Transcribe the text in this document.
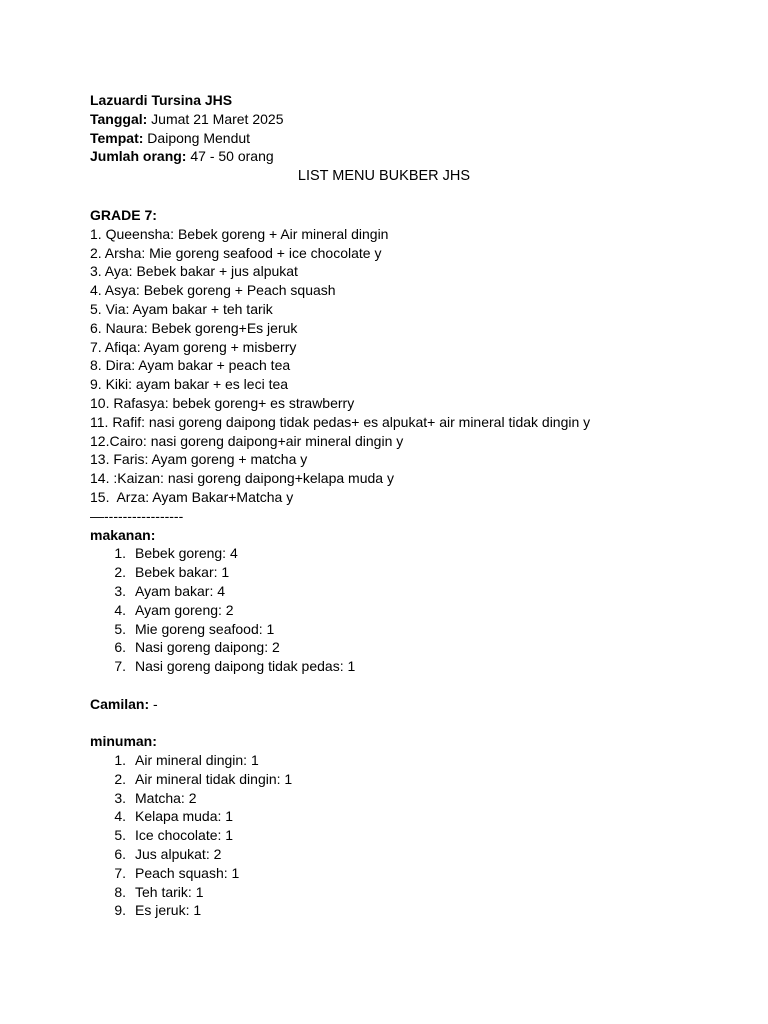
Lazuardi Tursina JHS
Tanggal: Jumat 21 Maret 2025
Tempat: Daipong Mendut
Jumlah orang: 47 - 50 orang
LIST MENU BUKBER JHS
GRADE 7:
1. Queensha: Bebek goreng + Air mineral dingin
2. Arsha: Mie goreng seafood + ice chocolate y
3. Aya: Bebek bakar + jus alpukat
4. Asya: Bebek goreng + Peach squash
5. Via: Ayam bakar + teh tarik
6. Naura: Bebek goreng+Es jeruk
7. Afiqa: Ayam goreng + misberry
8. Dira: Ayam bakar + peach tea
9. Kiki: ayam bakar + es leci tea
10. Rafasya: bebek goreng+ es strawberry
11. Rafif: nasi goreng daipong tidak pedas+ es alpukat+ air mineral tidak dingin y
12.Cairo: nasi goreng daipong+air mineral dingin y
13. Faris: Ayam goreng + matcha y
14. :Kaizan: nasi goreng daipong+kelapa muda y
15.  Arza: Ayam Bakar+Matcha y
—-----------------
makanan:
1. Bebek goreng: 4
2. Bebek bakar: 1
3. Ayam bakar: 4
4. Ayam goreng: 2
5. Mie goreng seafood: 1
6. Nasi goreng daipong: 2
7. Nasi goreng daipong tidak pedas: 1
Camilan: -
minuman:
1. Air mineral dingin: 1
2. Air mineral tidak dingin: 1
3. Matcha: 2
4. Kelapa muda: 1
5. Ice chocolate: 1
6. Jus alpukat: 2
7. Peach squash: 1
8. Teh tarik: 1
9. Es jeruk: 1
